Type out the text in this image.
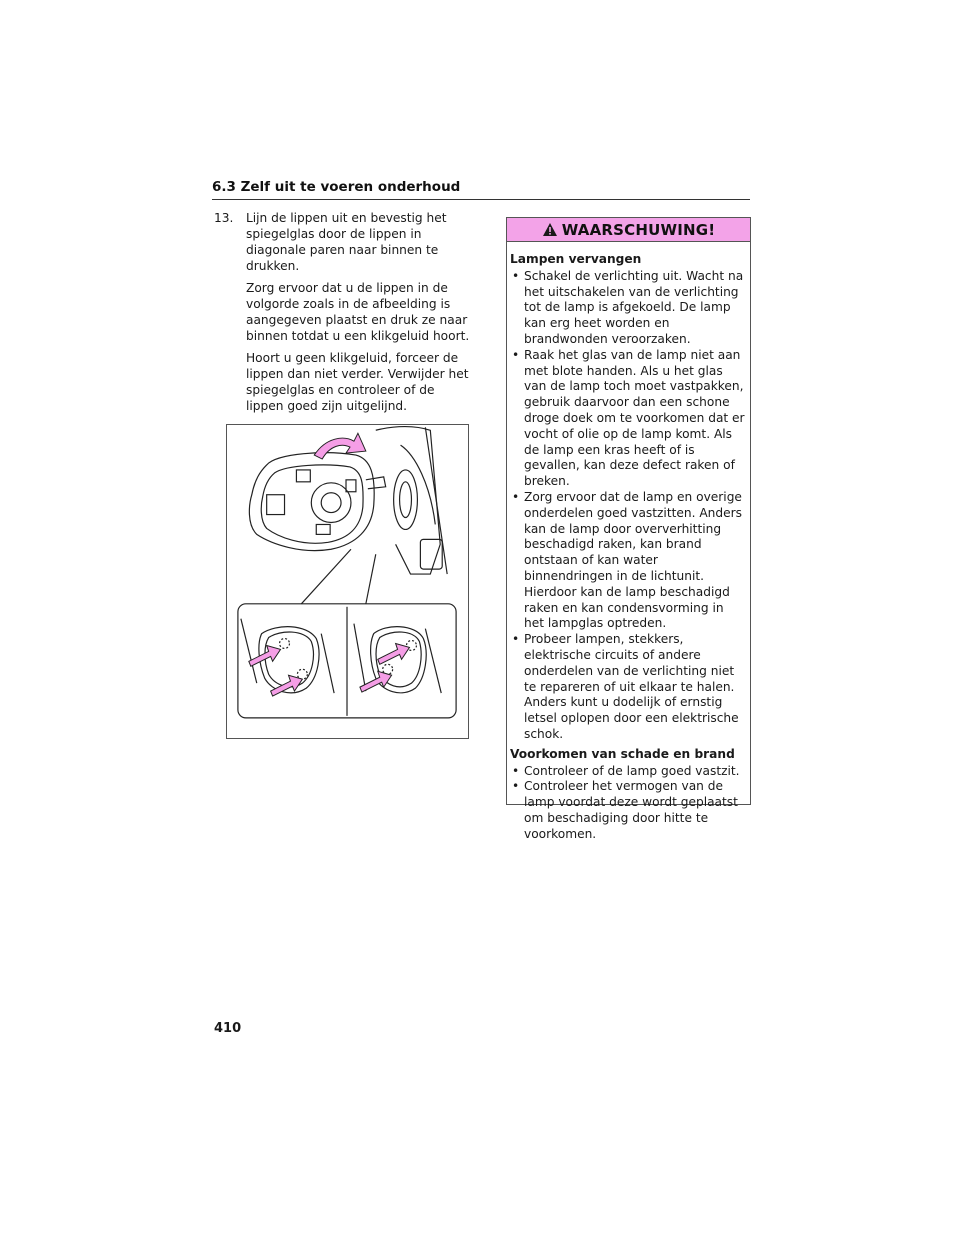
6.3 Zelf uit te voeren onderhoud
13. Lijn de lippen uit en bevestig het spiegelglas door de lippen in diagonale paren naar binnen te drukken.

Zorg ervoor dat u de lippen in de volgorde zoals in de afbeelding is aangegeven plaatst en druk ze naar binnen totdat u een klikgeluid hoort.

Hoort u geen klikgeluid, forceer de lippen dan niet verder. Verwijder het spiegelglas en controleer of de lippen goed zijn uitgelijnd.

WAARSCHUWING!
Lampen vervangen
• Schakel de verlichting uit. Wacht na het uitschakelen van de verlichting tot de lamp is afgekoeld. De lamp kan erg heet worden en brandwonden veroorzaken.
• Raak het glas van de lamp niet aan met blote handen. Als u het glas van de lamp toch moet vastpakken, gebruik daarvoor dan een schone droge doek om te voorkomen dat er vocht of olie op de lamp komt. Als de lamp een kras heeft of is gevallen, kan deze defect raken of breken.
• Zorg ervoor dat de lamp en overige onderdelen goed vastzitten. Anders kan de lamp door oververhitting beschadigd raken, kan brand ontstaan of kan water binnendringen in de lichtunit. Hierdoor kan de lamp beschadigd raken en kan condensvorming in het lampglas optreden.
• Probeer lampen, stekkers, elektrische circuits of andere onderdelen van de verlichting niet te repareren of uit elkaar te halen. Anders kunt u dodelijk of ernstig letsel oplopen door een elektrische schok.
Voorkomen van schade en brand
• Controleer of de lamp goed vastzit.
• Controleer het vermogen van de lamp voordat deze wordt geplaatst om beschadiging door hitte te voorkomen.
410
